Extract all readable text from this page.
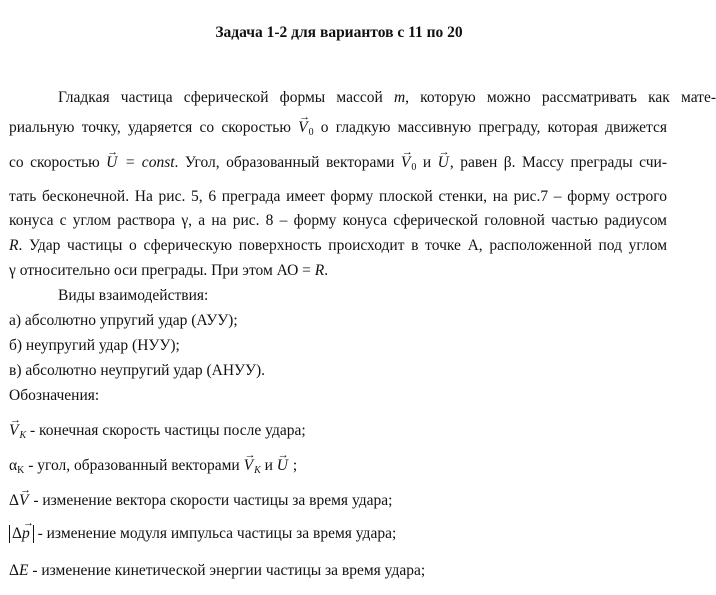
Задача 1-2 для вариантов с 11 по 20
Гладкая частица сферической формы массой m, которую можно рассматривать как мате-
риальную точку, ударяется со скоростью → $V_0$ о гладкую массивную преграду, которая движется
со скоростью → U = const. Угол, образованный векторами → $V_0$ и → U, равен β. Массу преграды счи-
тать бесконечной. На рис. 5, 6 преграда имеет форму плоской стенки, на рис.7 – форму острого
конуса с углом раствора γ, а на рис. 8 – форму конуса сферической головной частью радиусом
R. Удар частицы о сферическую поверхность происходит в точке А, расположенной под углом
γ относительно оси преграды. При этом АО = R.
Виды взаимодействия:
а) абсолютно упругий удар (АУУ);
б) неупругий удар (НУУ);
в) абсолютно неупругий удар (АНУУ).
Обозначения:
→ VK - конечная скорость частицы после удара;
$\alpha_K$ - угол, образованный векторами → VK и → U ;
Δ→ V - изменение вектора скорости частицы за время удара;
Δ→ p - изменение модуля импульса частицы за время удара;
ΔE - изменение кинетической энергии частицы за время удара;
